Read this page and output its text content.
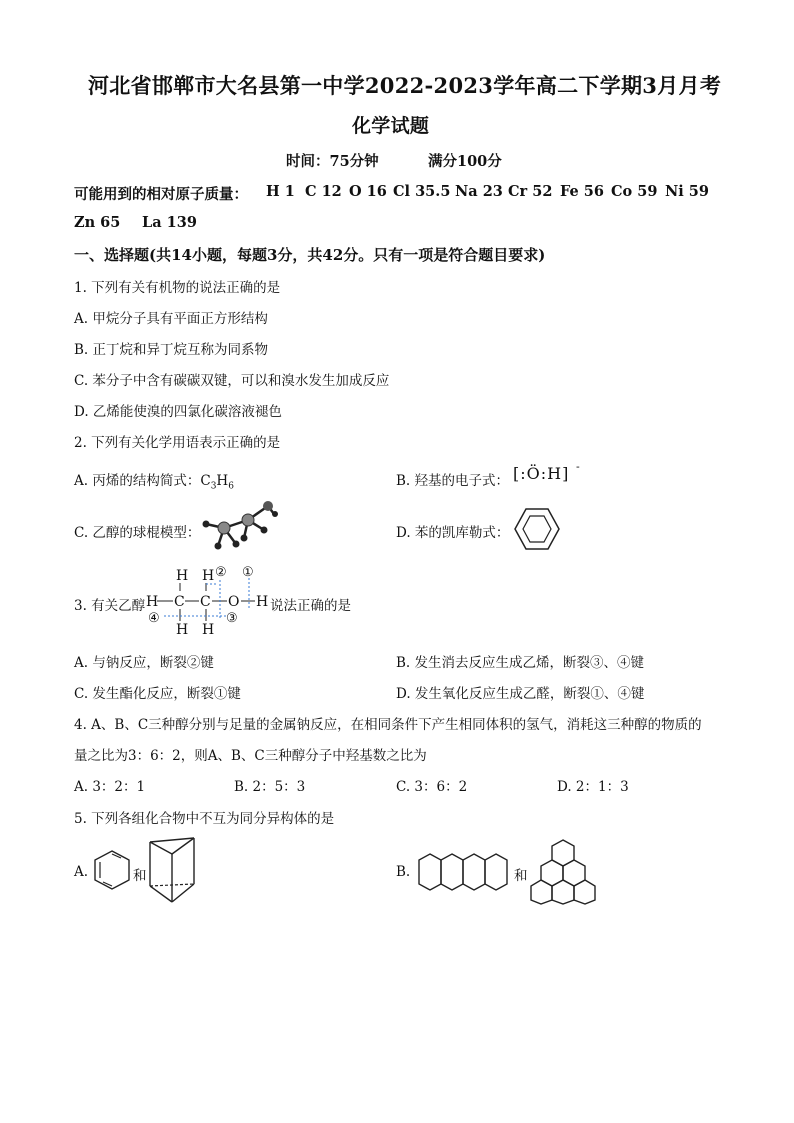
河北省邯郸市大名县第一中学2022-2023学年高二下学期3月月考
化学试题
时间：75分钟	满分100分
可能用到的相对原子质量： H 1 C 12 O 16 Cl 35.5 Na 23 Cr 52 Fe 56 Co 59 Ni 59
Zn 65 La 139
一、选择题(共14小题，每题3分，共42分。只有一项是符合题目要求)
1. 下列有关有机物的说法正确的是
A. 甲烷分子具有平面正方形结构
B. 正丁烷和异丁烷互称为同系物
C. 苯分子中含有碳碳双键，可以和溴水发生加成反应
D. 乙烯能使溴的四氯化碳溶液褪色
2. 下列有关化学用语表示正确的是
A. 丙烯的结构简式：$C_3H_6$	B. 羟基的电子式： [:Ö:H] -
C. 乙醇的球棍模型：	D. 苯的凯库勒式：
3. 有关乙醇
H H
H C C O H
H H
② ①
④	③
说法正确的是
A. 与钠反应，断裂②键	B. 发生消去反应生成乙烯，断裂③、④键
C. 发生酯化反应，断裂①键	D. 发生氧化反应生成乙醛，断裂①、④键
4. A、B、C三种醇分别与足量的金属钠反应，在相同条件下产生相同体积的氢气，消耗这三种醇的物质的
量之比为3：6：2，则A、B、C三种醇分子中羟基数之比为
A. 3：2：1	B. 2：5：3	C. 3：6：2	D. 2：1：3
5. 下列各组化合物中不互为同分异构体的是
A.	和	B.	和
